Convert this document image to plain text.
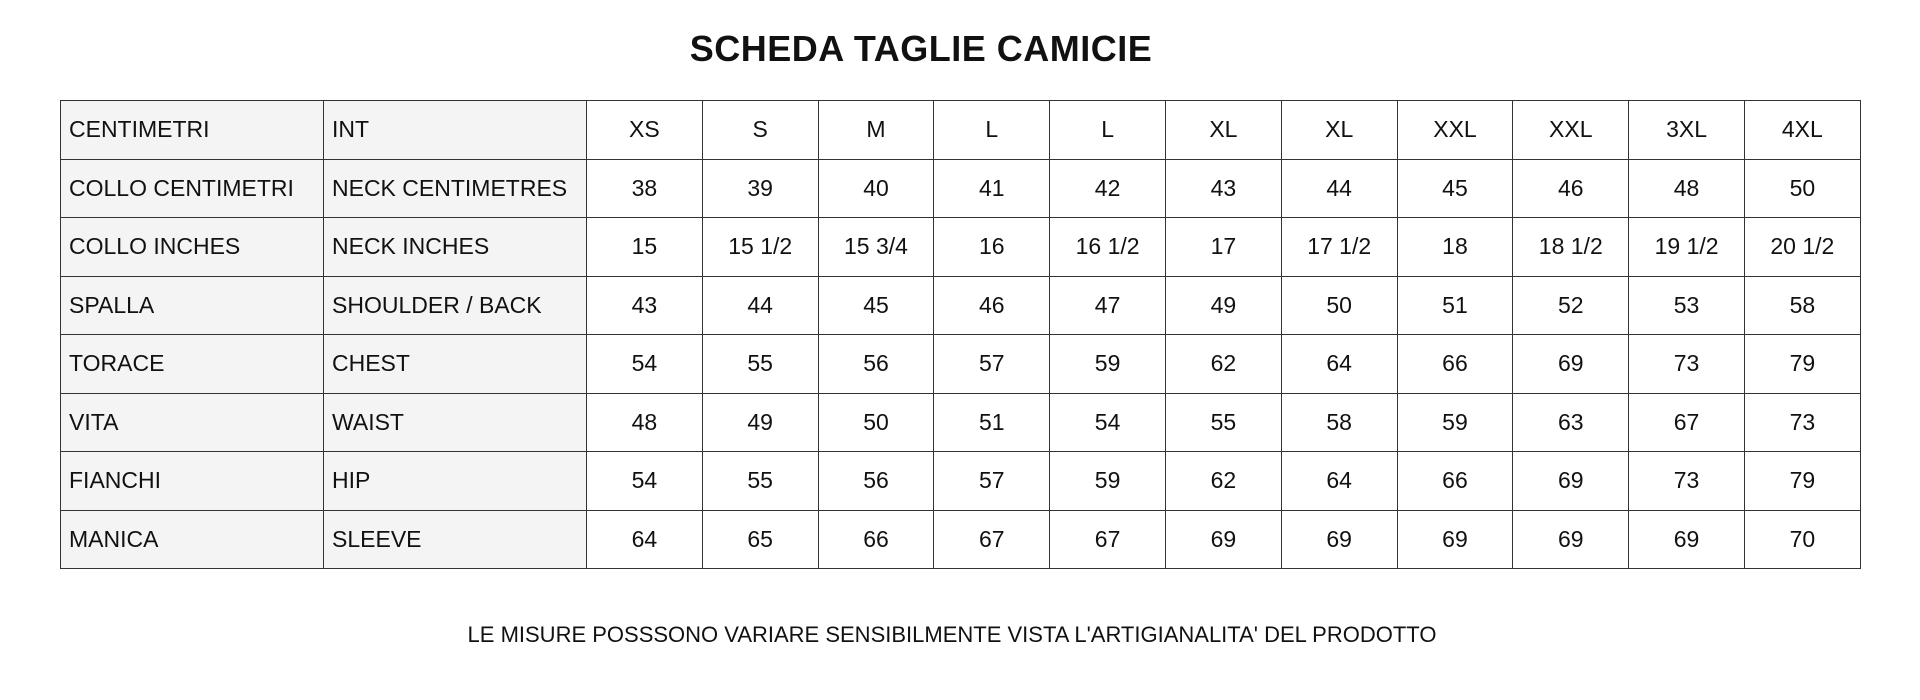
SCHEDA TAGLIE CAMICIE
CENTIMETRI	INT	XS	S	M	L	L	XL	XL	XXL	XXL	3XL	4XL
COLLO CENTIMETRI	NECK CENTIMETRES	38	39	40	41	42	43	44	45	46	48	50
COLLO INCHES	NECK INCHES	15	15 1/2	15 3/4	16	16 1/2	17	17 1/2	18	18 1/2	19 1/2	20 1/2
SPALLA	SHOULDER / BACK	43	44	45	46	47	49	50	51	52	53	58
TORACE	CHEST	54	55	56	57	59	62	64	66	69	73	79
VITA	WAIST	48	49	50	51	54	55	58	59	63	67	73
FIANCHI	HIP	54	55	56	57	59	62	64	66	69	73	79
MANICA	SLEEVE	64	65	66	67	67	69	69	69	69	69	70
LE MISURE POSSSONO VARIARE SENSIBILMENTE VISTA L'ARTIGIANALITA' DEL PRODOTTO
